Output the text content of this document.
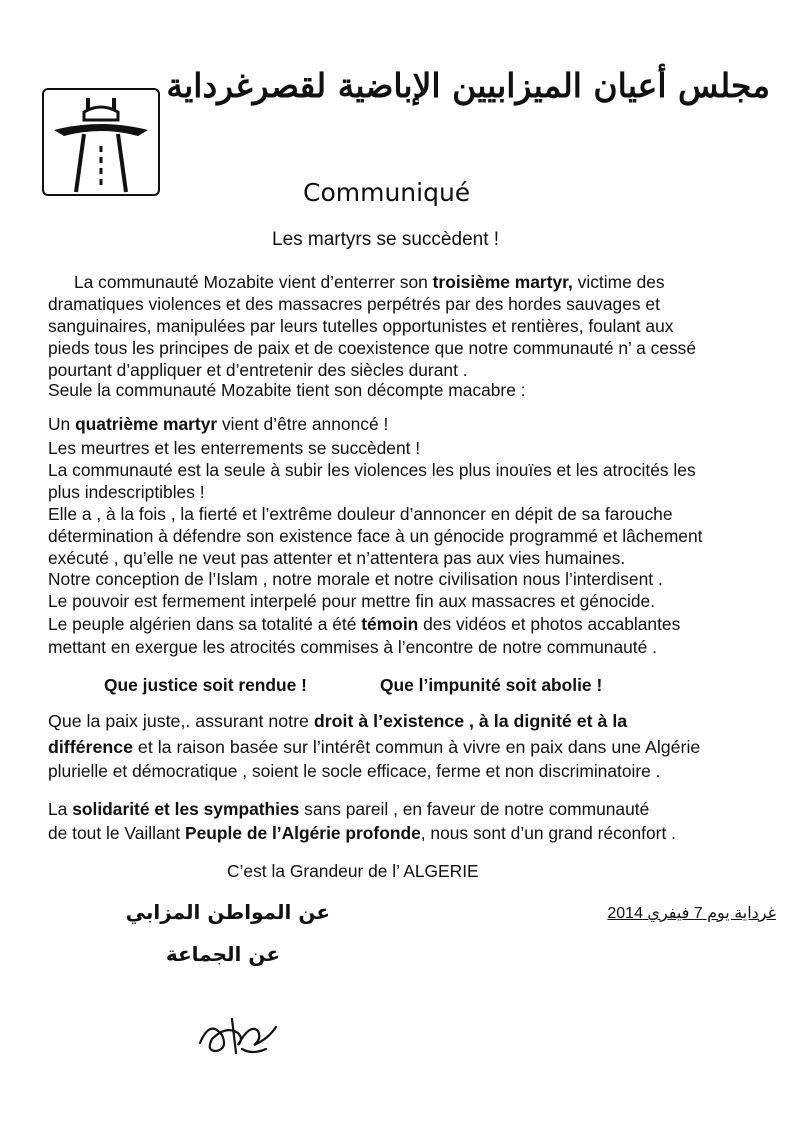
مجلس أعيان الميزابيين الإباضية لقصرغرداية
Communiqué
Les martyrs se succèdent !
La communauté Mozabite vient d’enterrer son troisième martyr, victime des
dramatiques violences et des massacres perpétrés par des hordes sauvages et
sanguinaires, manipulées par leurs tutelles opportunistes et rentières, foulant aux
pieds tous les principes de paix et de coexistence que notre communauté n’ a cessé
pourtant d’appliquer et d’entretenir des siècles durant .
Seule la communauté Mozabite tient son décompte macabre :
Un quatrième martyr vient d’être annoncé !
Les meurtres et les enterrements se succèdent !
La communauté est la seule à subir les violences les plus inouïes et les atrocités les
plus indescriptibles !
Elle a , à la fois , la fierté et l’extrême douleur d’annoncer en dépit de sa farouche
détermination à défendre son existence face à un génocide programmé et lâchement
exécuté , qu’elle ne veut pas attenter et n’attentera pas aux vies humaines.
Notre conception de l’Islam , notre morale et notre civilisation nous l’interdisent .
Le pouvoir est fermement interpelé pour mettre fin aux massacres et génocide.
Le peuple algérien dans sa totalité a été témoin des vidéos et photos accablantes
mettant en exergue les atrocités commises à l’encontre de notre communauté .
Que justice soit rendue !	Que l’impunité soit abolie !
Que la paix juste,. assurant notre droit à l’existence , à la dignité et à la
différence et la raison basée sur l’intérêt commun à vivre en paix dans une Algérie
plurielle et démocratique , soient le socle efficace, ferme et non discriminatoire .
La solidarité et les sympathies sans pareil , en faveur de notre communauté
de tout le Vaillant Peuple de l’Algérie profonde, nous sont d’un grand réconfort .
C’est la Grandeur de l’ ALGERIE
عن المواطن المزابي
عن الجماعة
غرداية يوم 7 فيفري 2014
